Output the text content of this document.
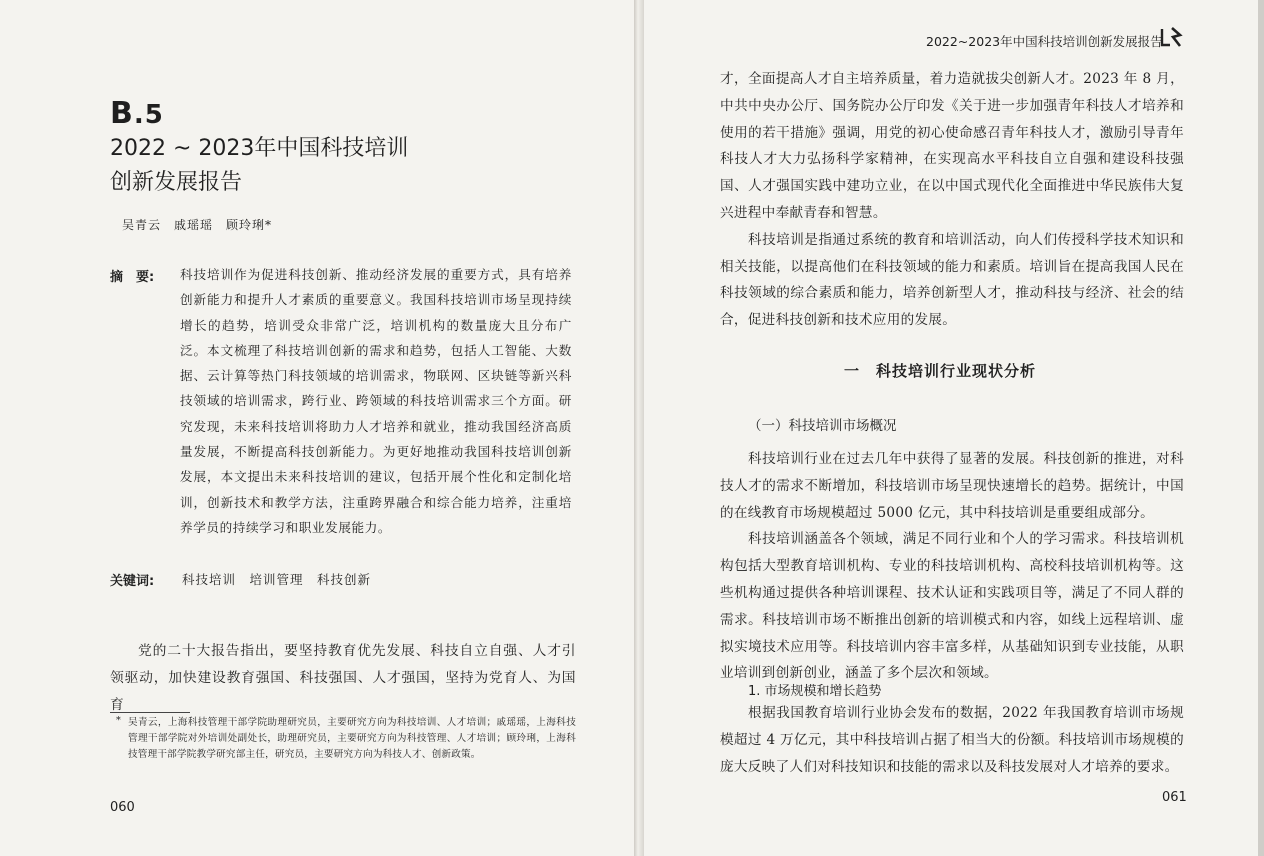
B.5
2022 ~ 2023年中国科技培训
创新发展报告
吴青云　戚瑶瑶　顾玲琍*
摘　要: 科技培训作为促进科技创新、推动经济发展的重要方式，具有培养创新能力和提升人才素质的重要意义。我国科技培训市场呈现持续增长的趋势，培训受众非常广泛，培训机构的数量庞大且分布广泛。本文梳理了科技培训创新的需求和趋势，包括人工智能、大数据、云计算等热门科技领域的培训需求，物联网、区块链等新兴科技领域的培训需求，跨行业、跨领域的科技培训需求三个方面。研究发现，未来科技培训将助力人才培养和就业，推动我国经济高质量发展，不断提高科技创新能力。为更好地推动我国科技培训创新发展，本文提出未来科技培训的建议，包括开展个性化和定制化培训，创新技术和教学方法，注重跨界融合和综合能力培养，注重培养学员的持续学习和职业发展能力。
关键词: 科技培训　培训管理　科技创新
党的二十大报告指出，要坚持教育优先发展、科技自立自强、人才引领驱动，加快建设教育强国、科技强国、人才强国，坚持为党育人、为国育
* 吴青云，上海科技管理干部学院助理研究员，主要研究方向为科技培训、人才培训；戚瑶瑶，上海科技管理干部学院对外培训处副处长，助理研究员，主要研究方向为科技管理、人才培训；顾玲琍，上海科技管理干部学院教学研究部主任，研究员，主要研究方向为科技人才、创新政策。
060
2022~2023年中国科技培训创新发展报告

才，全面提高人才自主培养质量，着力造就拔尖创新人才。2023 年 8 月，中共中央办公厅、国务院办公厅印发《关于进一步加强青年科技人才培养和使用的若干措施》强调，用党的初心使命感召青年科技人才，激励引导青年科技人才大力弘扬科学家精神，在实现高水平科技自立自强和建设科技强国、人才强国实践中建功立业，在以中国式现代化全面推进中华民族伟大复兴进程中奉献青春和智慧。

科技培训是指通过系统的教育和培训活动，向人们传授科学技术知识和相关技能，以提高他们在科技领域的能力和素质。培训旨在提高我国人民在科技领域的综合素质和能力，培养创新型人才，推动科技与经济、社会的结合，促进科技创新和技术应用的发展。

一　科技培训行业现状分析
（一）科技培训市场概况

科技培训行业在过去几年中获得了显著的发展。科技创新的推进，对科技人才的需求不断增加，科技培训市场呈现快速增长的趋势。据统计，中国的在线教育市场规模超过 5000 亿元，其中科技培训是重要组成部分。

科技培训涵盖各个领域，满足不同行业和个人的学习需求。科技培训机构包括大型教育培训机构、专业的科技培训机构、高校科技培训机构等。这些机构通过提供各种培训课程、技术认证和实践项目等，满足了不同人群的需求。科技培训市场不断推出创新的培训模式和内容，如线上远程培训、虚拟实境技术应用等。科技培训内容丰富多样，从基础知识到专业技能，从职业培训到创新创业，涵盖了多个层次和领域。

1. 市场规模和增长趋势

根据我国教育培训行业协会发布的数据，2022 年我国教育培训市场规模超过 4 万亿元，其中科技培训占据了相当大的份额。科技培训市场规模的庞大反映了人们对科技知识和技能的需求以及科技发展对人才培养的要求。

061
